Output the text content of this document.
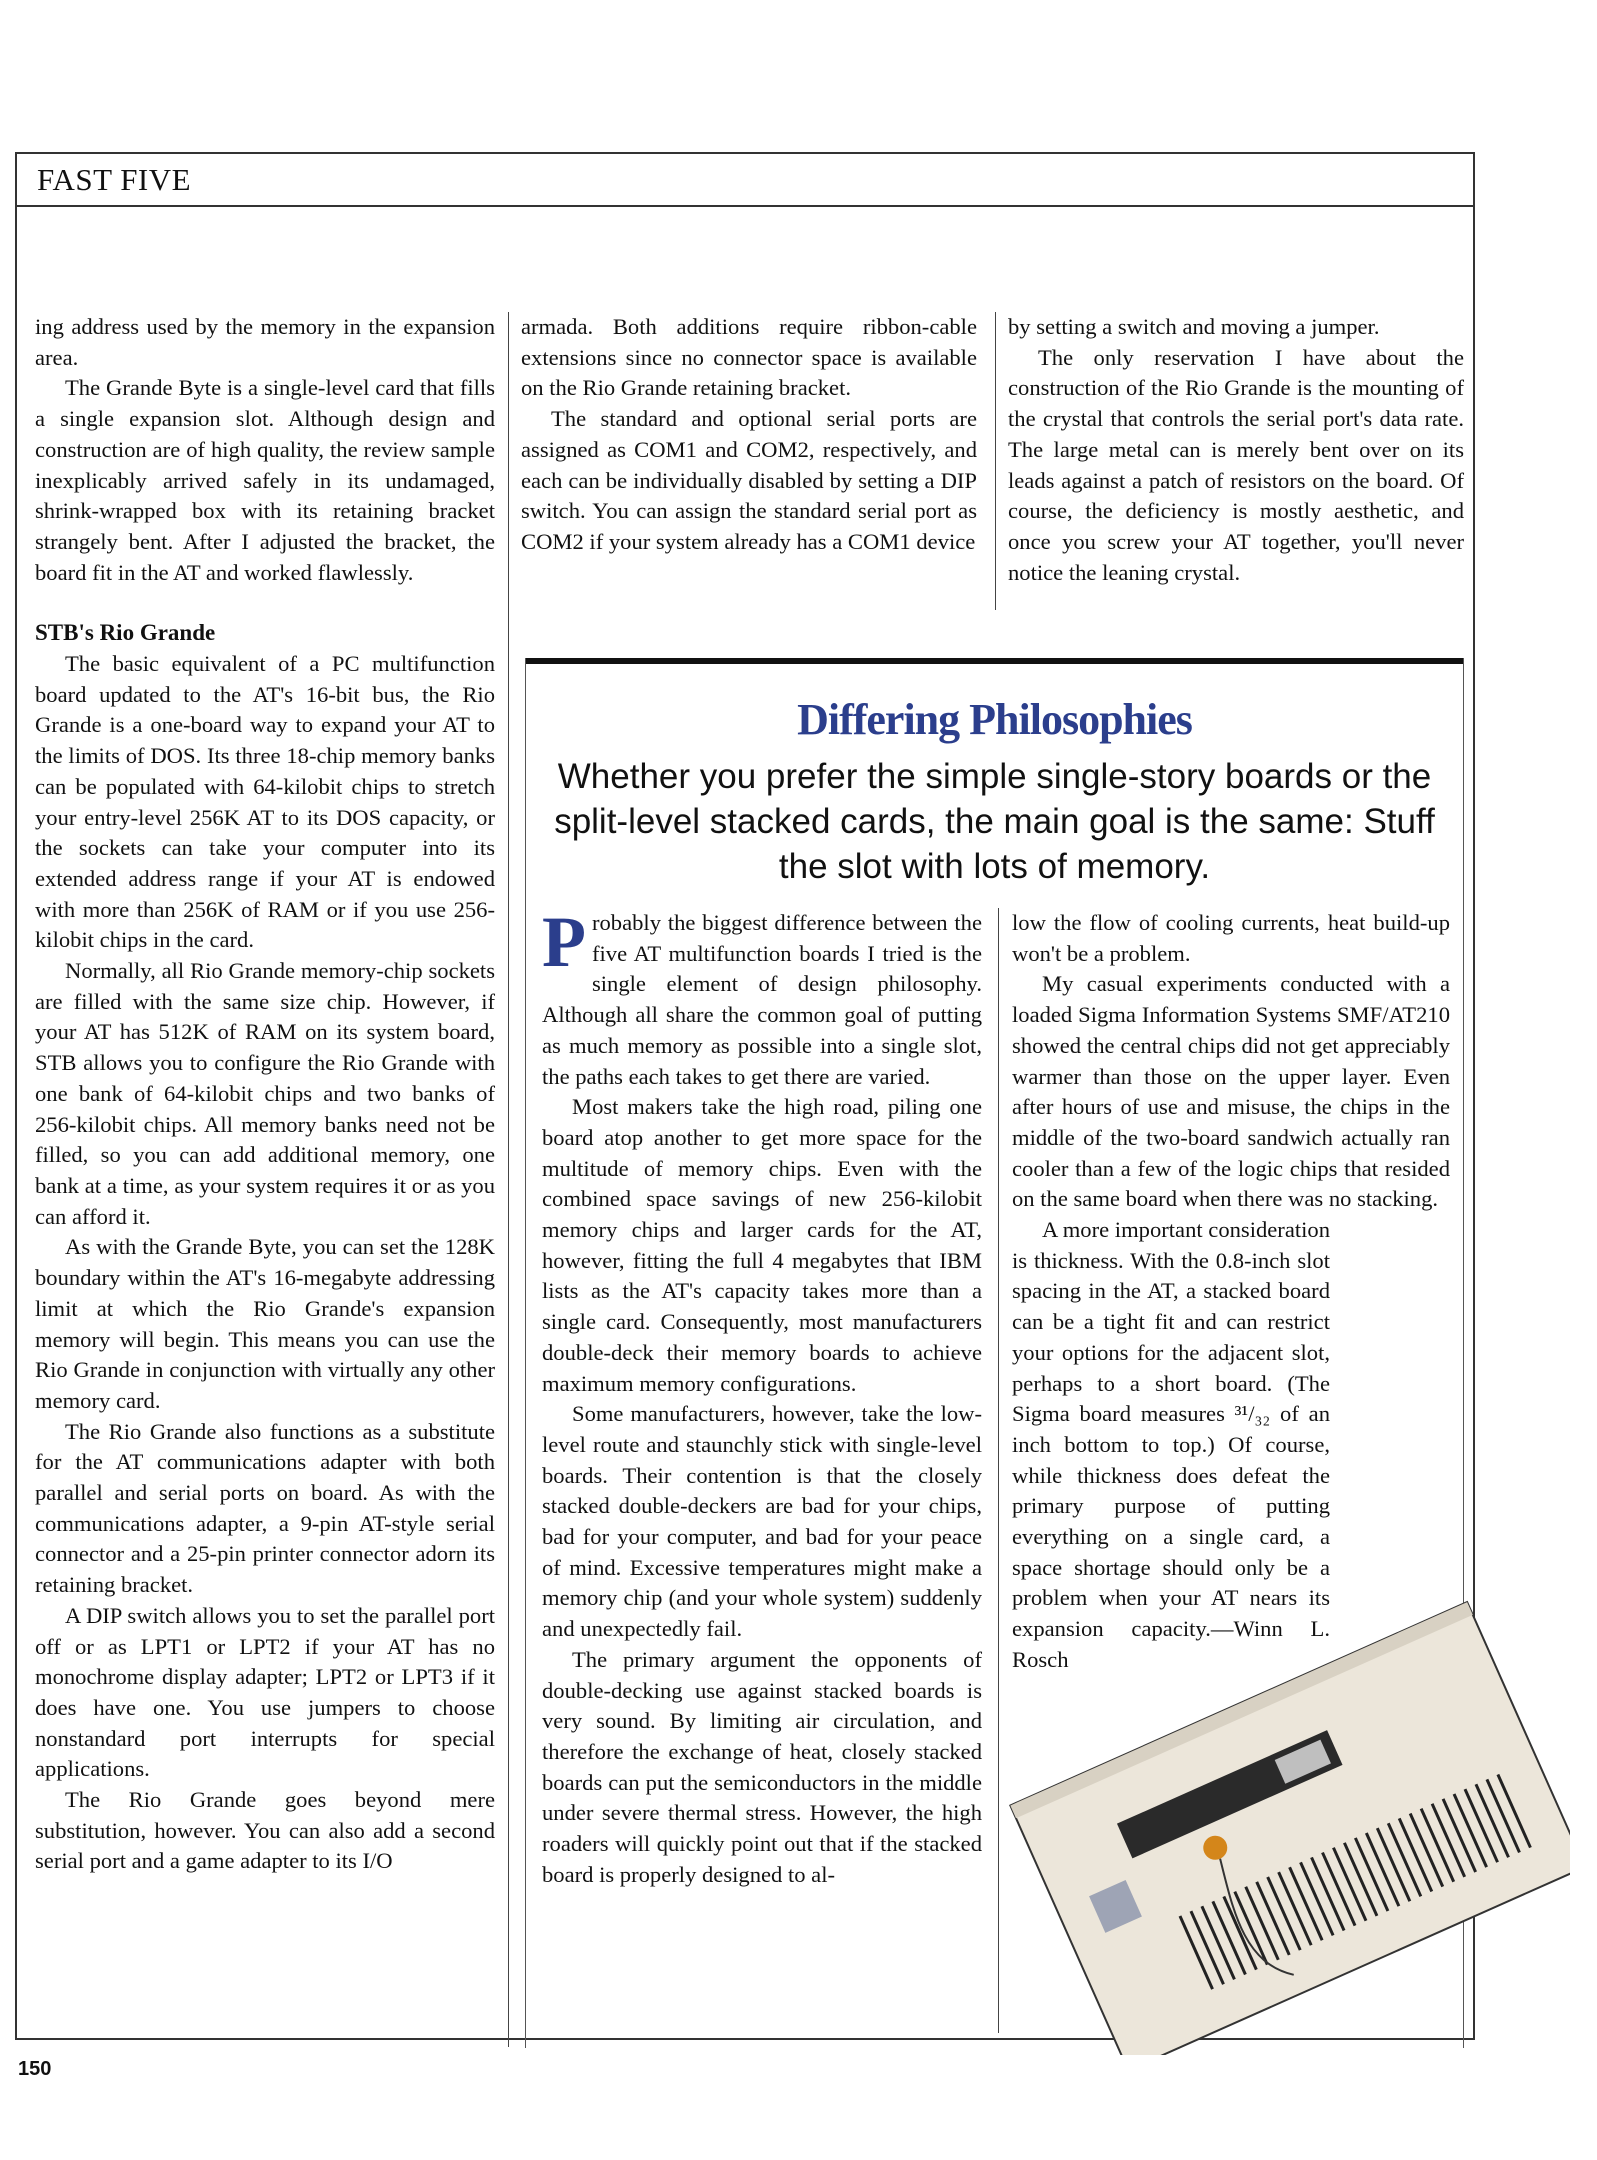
FAST FIVE

ing address used by the memory in the expansion area.

The Grande Byte is a single-level card that fills a single expansion slot. Although design and construction are of high quality, the review sample inexplicably arrived safely in its undamaged, shrink-wrapped box with its retaining bracket strangely bent. After I adjusted the bracket, the board fit in the AT and worked flawlessly.

STB's Rio Grande

The basic equivalent of a PC multifunction board updated to the AT's 16-bit bus, the Rio Grande is a one-board way to expand your AT to the limits of DOS. Its three 18-chip memory banks can be populated with 64-kilobit chips to stretch your entry-level 256K AT to its DOS capacity, or the sockets can take your computer into its extended address range if your AT is endowed with more than 256K of RAM or if you use 256-kilobit chips in the card.

Normally, all Rio Grande memory-chip sockets are filled with the same size chip. However, if your AT has 512K of RAM on its system board, STB allows you to configure the Rio Grande with one bank of 64-kilobit chips and two banks of 256-kilobit chips. All memory banks need not be filled, so you can add additional memory, one bank at a time, as your system requires it or as you can afford it.

As with the Grande Byte, you can set the 128K boundary within the AT's 16-megabyte addressing limit at which the Rio Grande's expansion memory will begin. This means you can use the Rio Grande in conjunction with virtually any other memory card.

The Rio Grande also functions as a substitute for the AT communications adapter with both parallel and serial ports on board. As with the communications adapter, a 9-pin AT-style serial connector and a 25-pin printer connector adorn its retaining bracket.

A DIP switch allows you to set the parallel port off or as LPT1 or LPT2 if your AT has no monochrome display adapter; LPT2 or LPT3 if it does have one. You use jumpers to choose nonstandard port interrupts for special applications.

The Rio Grande goes beyond mere substitution, however. You can also add a second serial port and a game adapter to its I/O

armada. Both additions require ribbon-cable extensions since no connector space is available on the Rio Grande retaining bracket.

The standard and optional serial ports are assigned as COM1 and COM2, respectively, and each can be individually disabled by setting a DIP switch. You can assign the standard serial port as COM2 if your system already has a COM1 device

by setting a switch and moving a jumper.

The only reservation I have about the construction of the Rio Grande is the mounting of the crystal that controls the serial port's data rate. The large metal can is merely bent over on its leads against a patch of resistors on the board. Of course, the deficiency is mostly aesthetic, and once you screw your AT together, you'll never notice the leaning crystal.

Differing Philosophies
Whether you prefer the simple single-story boards or the split-level stacked cards, the main goal is the same: Stuff the slot with lots of memory.

Probably the biggest difference between the five AT multifunction boards I tried is the single element of design philosophy. Although all share the common goal of putting as much memory as possible into a single slot, the paths each takes to get there are varied.

Most makers take the high road, piling one board atop another to get more space for the multitude of memory chips. Even with the combined space savings of new 256-kilobit memory chips and larger cards for the AT, however, fitting the full 4 megabytes that IBM lists as the AT's capacity takes more than a single card. Consequently, most manufacturers double-deck their memory boards to achieve maximum memory configurations.

Some manufacturers, however, take the low-level route and staunchly stick with single-level boards. Their contention is that the closely stacked double-deckers are bad for your chips, bad for your computer, and bad for your peace of mind. Excessive temperatures might make a memory chip (and your whole system) suddenly and unexpectedly fail.

The primary argument the opponents of double-decking use against stacked boards is very sound. By limiting air circulation, and therefore the exchange of heat, closely stacked boards can put the semiconductors in the middle under severe thermal stress. However, the high roaders will quickly point out that if the stacked board is properly designed to al-

low the flow of cooling currents, heat build-up won't be a problem.

My casual experiments conducted with a loaded Sigma Information Systems SMF/AT210 showed the central chips did not get appreciably warmer than those on the upper layer. Even after hours of use and misuse, the chips in the middle of the two-board sandwich actually ran cooler than a few of the logic chips that resided on the same board when there was no stacking.

A more important consideration is thickness. With the 0.8-inch slot spacing in the AT, a stacked board can be a tight fit and can restrict your options for the adjacent slot, perhaps to a short board. (The Sigma board measures ³¹/₃₂ of an inch bottom to top.) Of course, while thickness does defeat the primary purpose of putting everything on a single card, a space shortage should only be a problem when your AT nears its expansion capacity.—Winn L. Rosch

150
